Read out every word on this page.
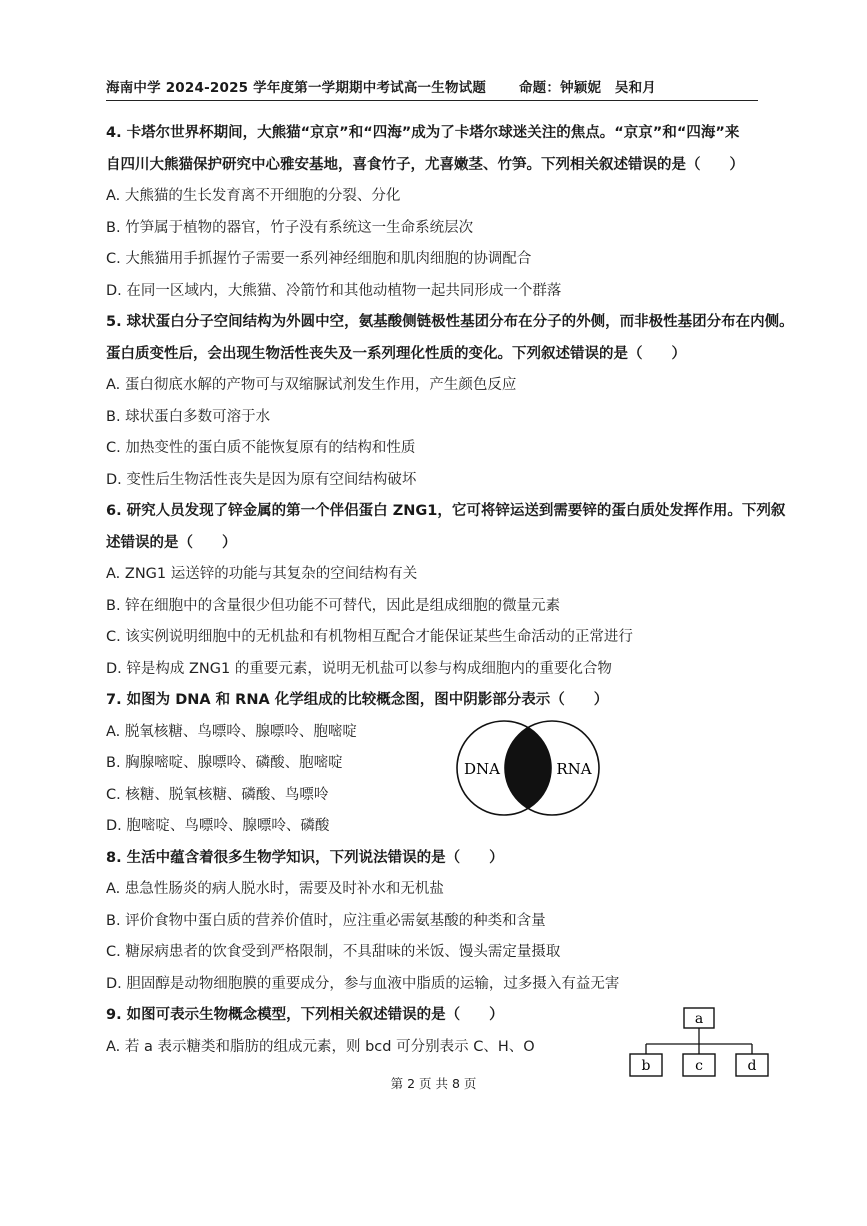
海南中学 2024-2025 学年度第一学期期中考试高一生物试题 命题：钟颖妮　吴和月
4. 卡塔尔世界杯期间，大熊猫“京京”和“四海”成为了卡塔尔球迷关注的焦点。“京京”和“四海”来
自四川大熊猫保护研究中心雅安基地，喜食竹子，尤喜嫩茎、竹笋。下列相关叙述错误的是（　　）
A. 大熊猫的生长发育离不开细胞的分裂、分化
B. 竹笋属于植物的器官，竹子没有系统这一生命系统层次
C. 大熊猫用手抓握竹子需要一系列神经细胞和肌肉细胞的协调配合
D. 在同一区域内，大熊猫、冷箭竹和其他动植物一起共同形成一个群落
5. 球状蛋白分子空间结构为外圆中空，氨基酸侧链极性基团分布在分子的外侧，而非极性基团分布在内侧。
蛋白质变性后，会出现生物活性丧失及一系列理化性质的变化。下列叙述错误的是（　　）
A. 蛋白彻底水解的产物可与双缩脲试剂发生作用，产生颜色反应
B. 球状蛋白多数可溶于水
C. 加热变性的蛋白质不能恢复原有的结构和性质
D. 变性后生物活性丧失是因为原有空间结构破坏
6. 研究人员发现了锌金属的第一个伴侣蛋白 ZNG1，它可将锌运送到需要锌的蛋白质处发挥作用。下列叙
述错误的是（　　）
A. ZNG1 运送锌的功能与其复杂的空间结构有关
B. 锌在细胞中的含量很少但功能不可替代，因此是组成细胞的微量元素
C. 该实例说明细胞中的无机盐和有机物相互配合才能保证某些生命活动的正常进行
D. 锌是构成 ZNG1 的重要元素，说明无机盐可以参与构成细胞内的重要化合物
7. 如图为 DNA 和 RNA 化学组成的比较概念图，图中阴影部分表示（　　）
A. 脱氧核糖、鸟嘌呤、腺嘌呤、胞嘧啶
B. 胸腺嘧啶、腺嘌呤、磷酸、胞嘧啶
C. 核糖、脱氧核糖、磷酸、鸟嘌呤
D. 胞嘧啶、鸟嘌呤、腺嘌呤、磷酸
8. 生活中蕴含着很多生物学知识，下列说法错误的是（　　）
A. 患急性肠炎的病人脱水时，需要及时补水和无机盐
B. 评价食物中蛋白质的营养价值时，应注重必需氨基酸的种类和含量
C. 糖尿病患者的饮食受到严格限制，不具甜味的米饭、馒头需定量摄取
D. 胆固醇是动物细胞膜的重要成分，参与血液中脂质的运输，过多摄入有益无害
9. 如图可表示生物概念模型，下列相关叙述错误的是（　　）
A. 若 a 表示糖类和脂肪的组成元素，则 bcd 可分别表示 C、H、O
DNA	RNA
a
b	c	d
第 2 页 共 8 页
